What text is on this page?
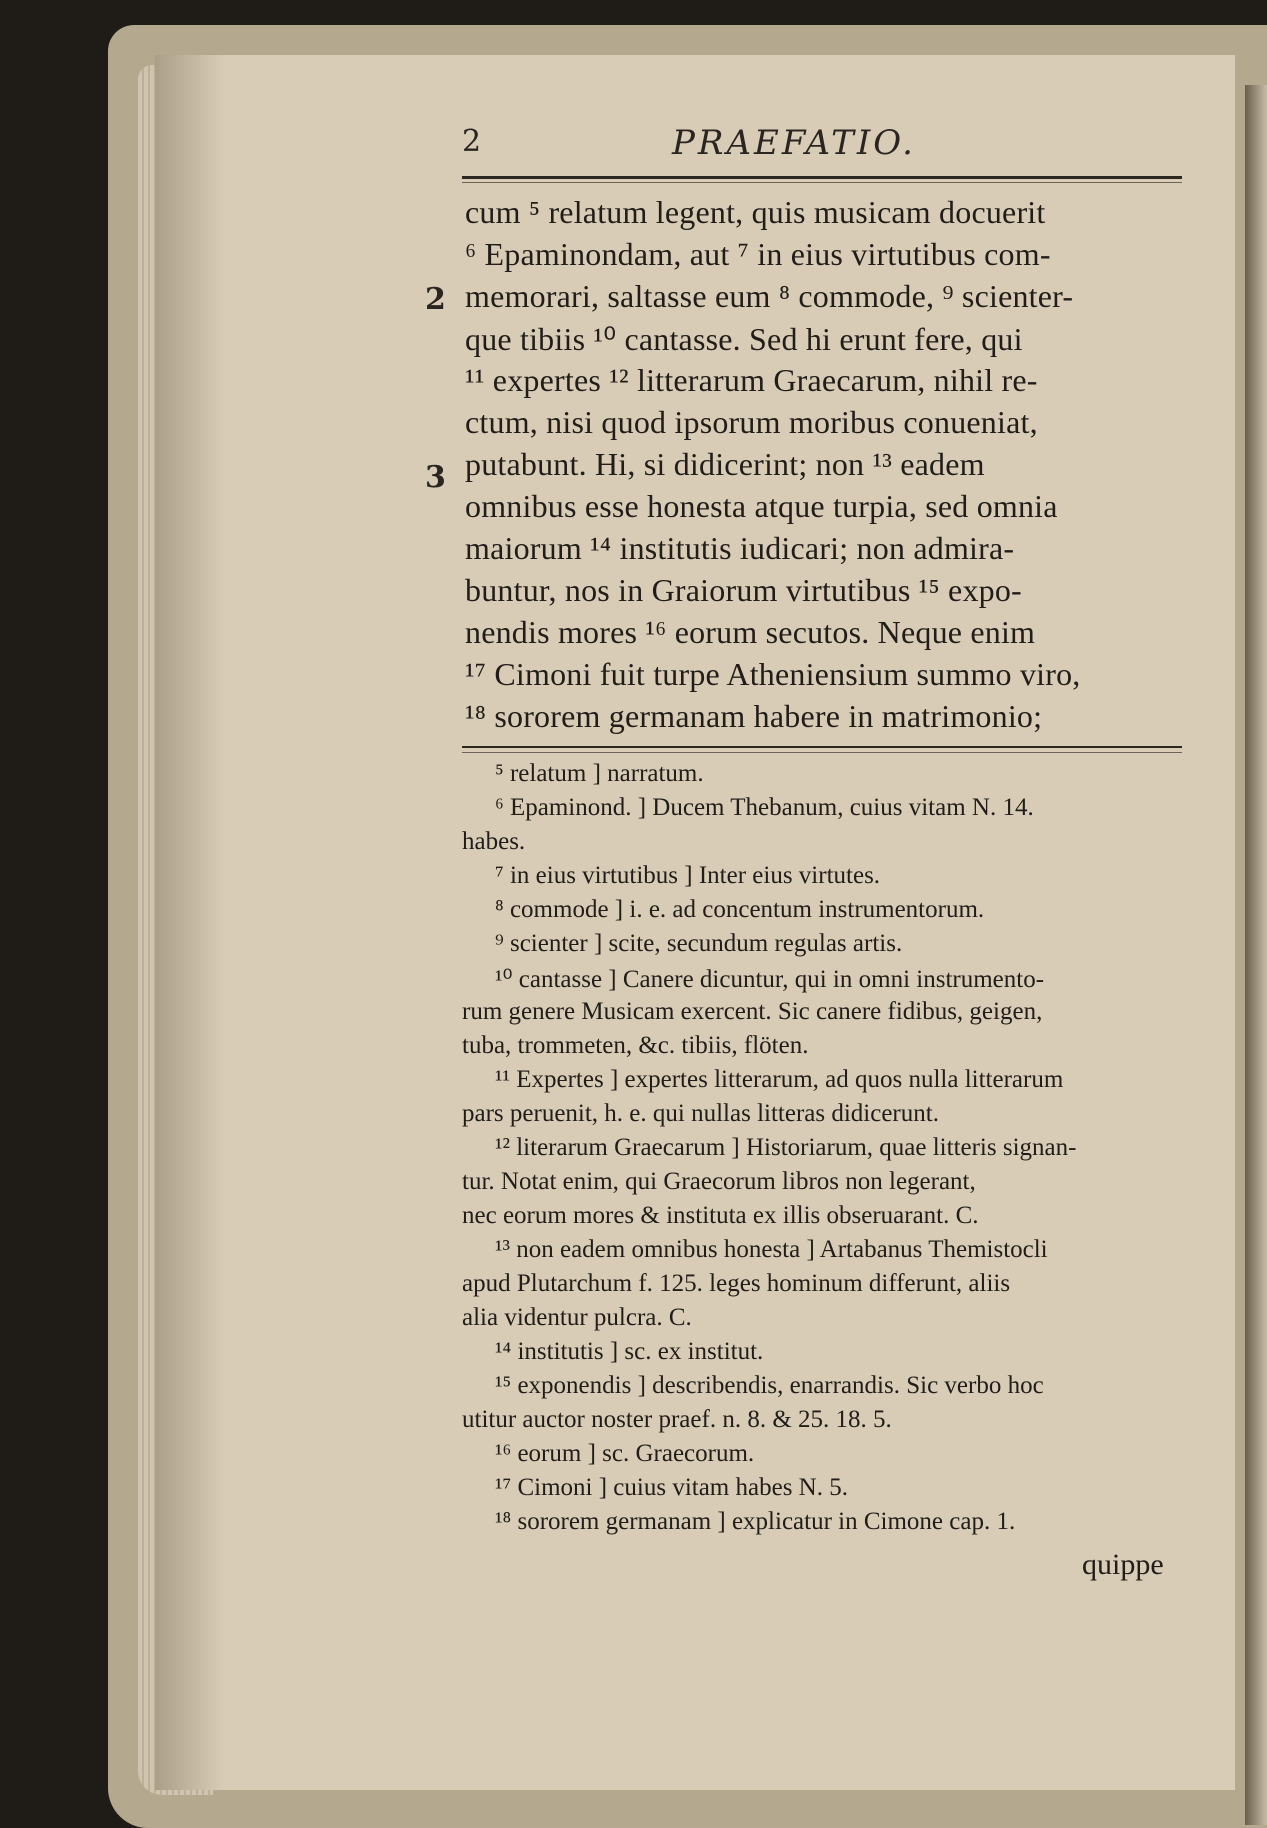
2	PRAEFATIO.
2
3
cum ⁵ relatum legent, quis musicam docuerit
⁶ Epaminondam, aut ⁷ in eius virtutibus com-
memorari, saltasse eum ⁸ commode, ⁹ scienter-
que tibiis ¹⁰ cantasse. Sed hi erunt fere, qui
¹¹ expertes ¹² litterarum Graecarum, nihil re-
ctum, nisi quod ipsorum moribus conueniat,
putabunt. Hi, si didicerint; non ¹³ eadem
omnibus esse honesta atque turpia, sed omnia
maiorum ¹⁴ institutis iudicari; non admira-
buntur, nos in Graiorum virtutibus ¹⁵ expo-
nendis mores ¹⁶ eorum secutos. Neque enim
¹⁷ Cimoni fuit turpe Atheniensium summo viro,
¹⁸ sororem germanam habere in matrimonio;
⁵ relatum ] narratum.
⁶ Epaminond. ] Ducem Thebanum, cuius vitam N. 14.
habes.
⁷ in eius virtutibus ] Inter eius virtutes.
⁸ commode ] i. e. ad concentum instrumentorum.
⁹ scienter ] scite, secundum regulas artis.
¹⁰ cantasse ] Canere dicuntur, qui in omni instrumento-
rum genere Musicam exercent. Sic canere fidibus, geigen,
tuba, trommeten, &c. tibiis, flöten.
¹¹ Expertes ] expertes litterarum, ad quos nulla litterarum
pars peruenit, h. e. qui nullas litteras didicerunt.
¹² literarum Graecarum ] Historiarum, quae litteris signan-
tur. Notat enim, qui Graecorum libros non legerant,
nec eorum mores & instituta ex illis obseruarant. C.
¹³ non eadem omnibus honesta ] Artabanus Themistocli
apud Plutarchum f. 125. leges hominum differunt, aliis
alia videntur pulcra. C.
¹⁴ institutis ] sc. ex institut.
¹⁵ exponendis ] describendis, enarrandis. Sic verbo hoc
utitur auctor noster praef. n. 8. & 25. 18. 5.
¹⁶ eorum ] sc. Graecorum.
¹⁷ Cimoni ] cuius vitam habes N. 5.
¹⁸ sororem germanam ] explicatur in Cimone cap. 1.
quippe
